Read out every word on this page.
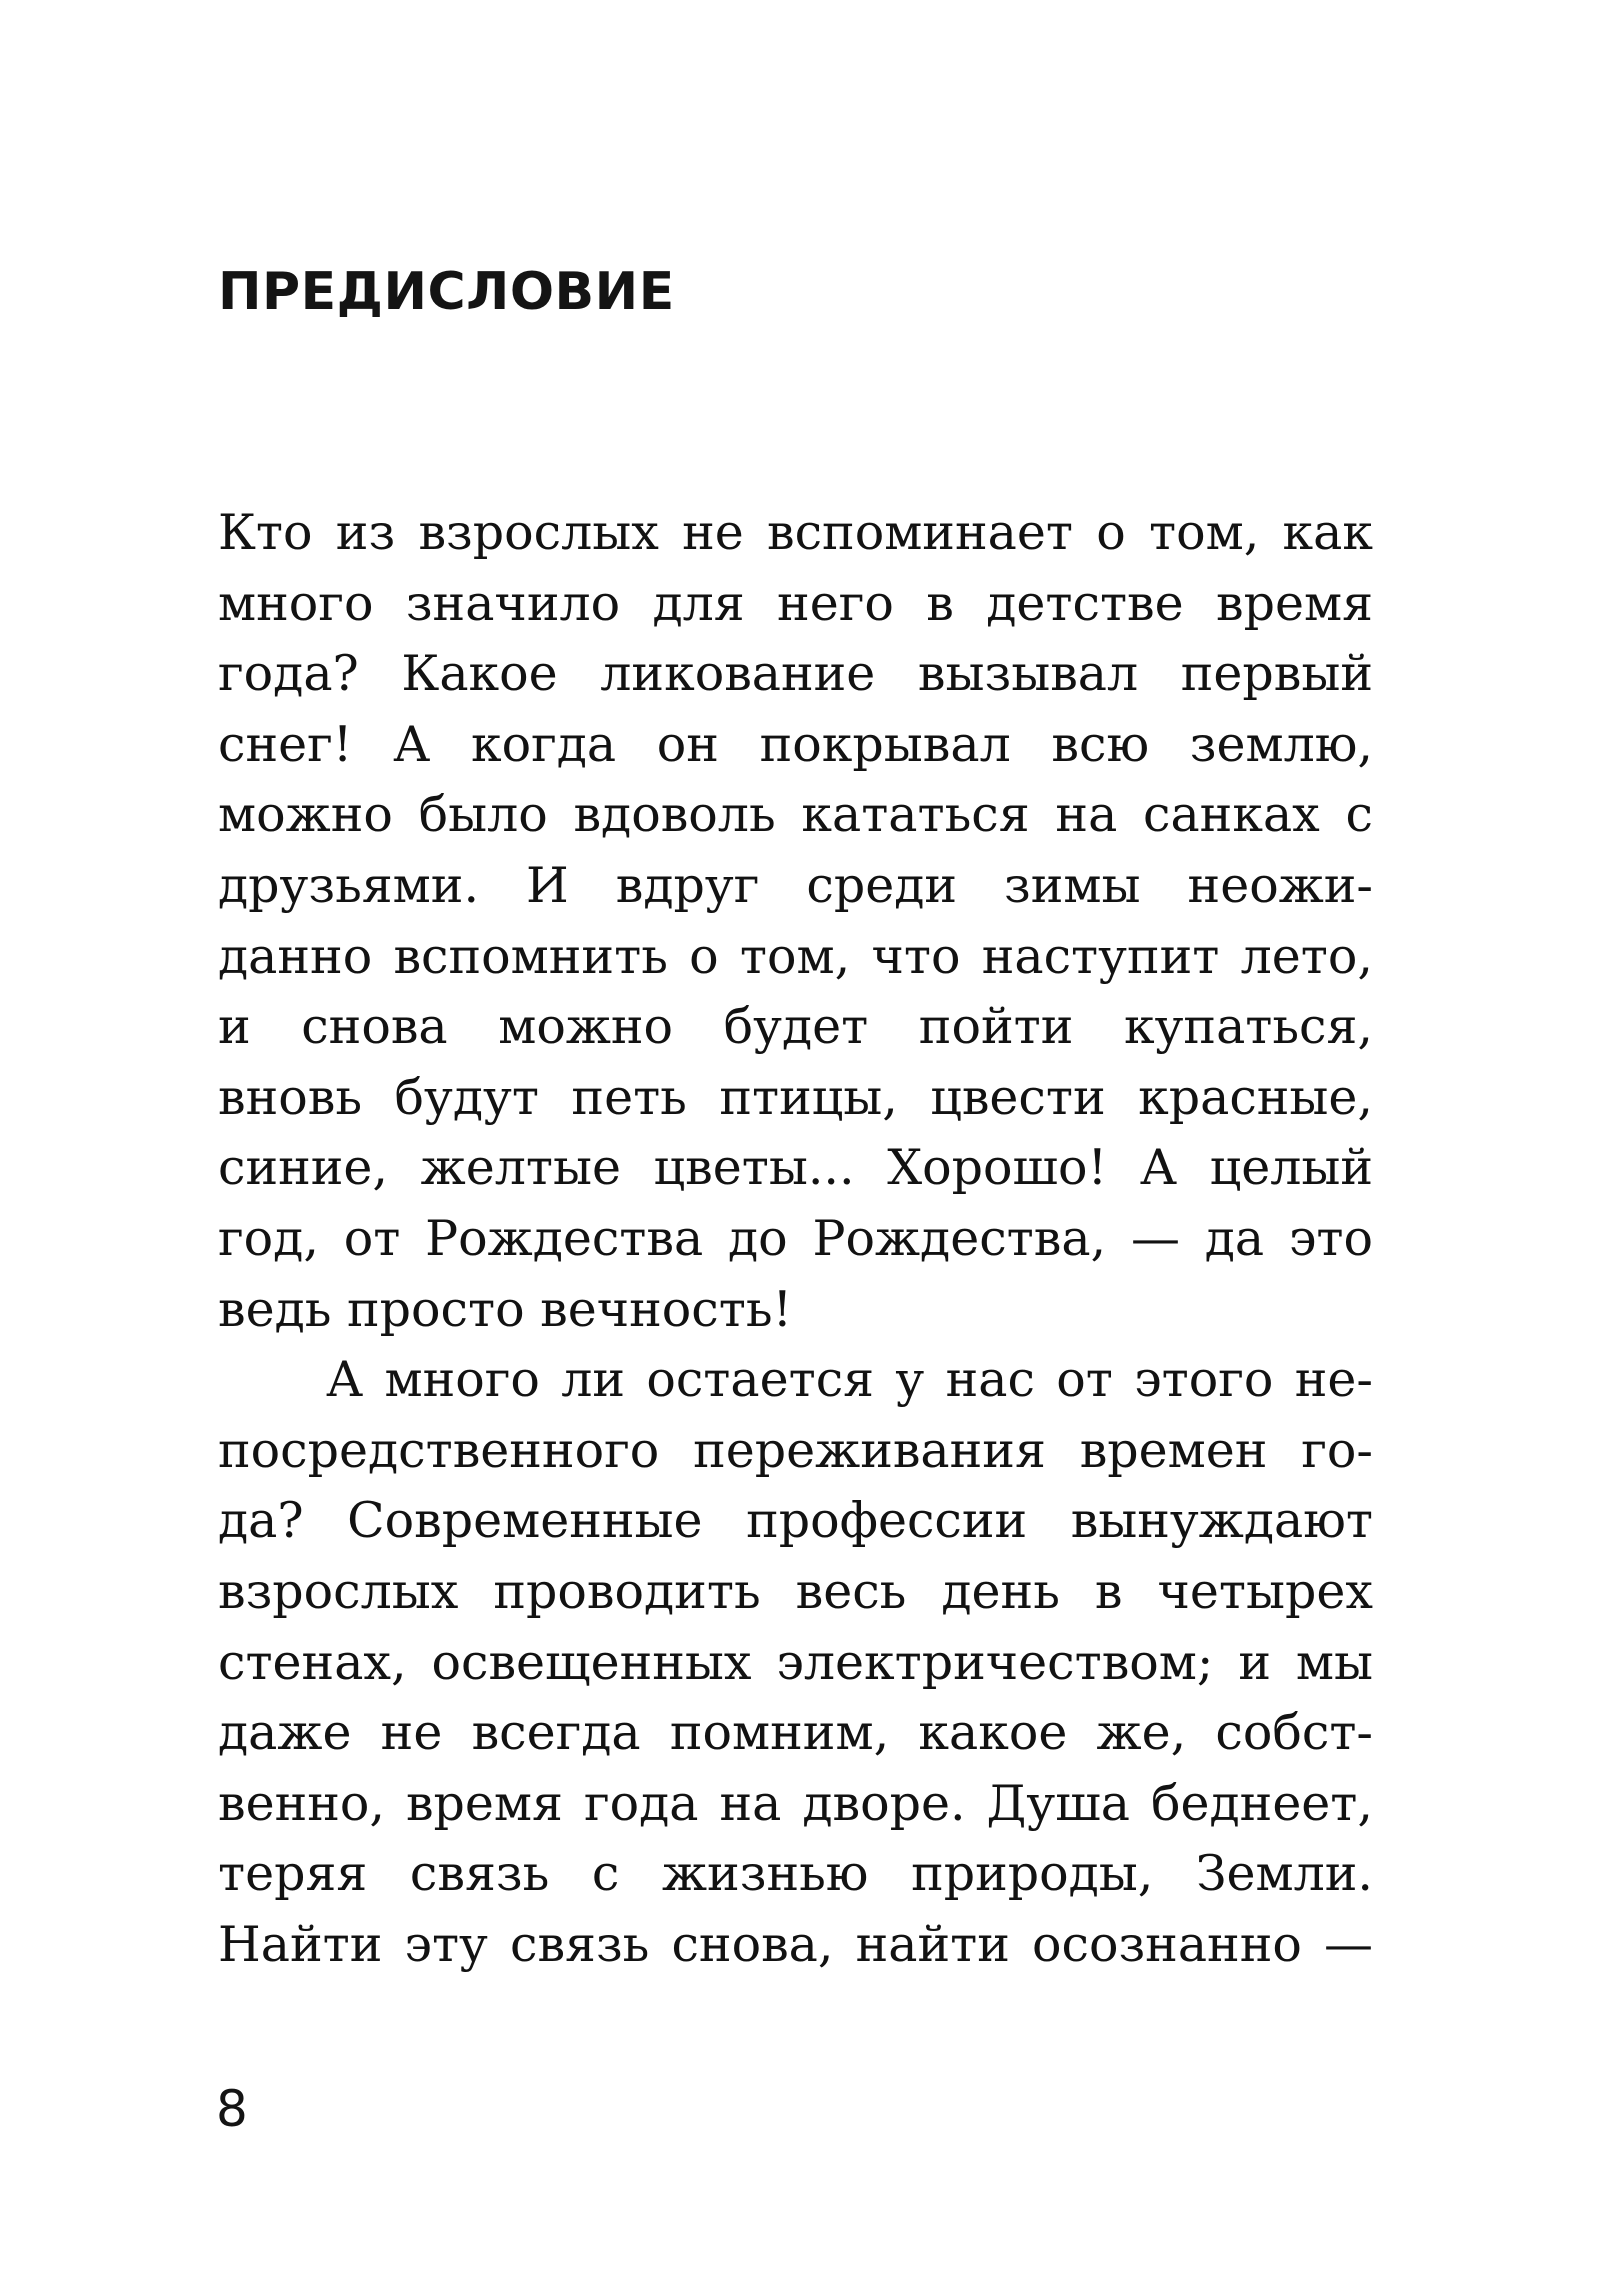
ПРЕДИСЛОВИЕ
Кто из взрослых не вспоминает о том, как
много значило для него в детстве время
года? Какое ликование вызывал первый
снег! А когда он покрывал всю землю,
можно было вдоволь кататься на санках с
друзьями. И вдруг среди зимы неожи-
данно вспомнить о том, что наступит лето,
и снова можно будет пойти купаться,
вновь будут петь птицы, цвести красные,
синие, желтые цветы... Хорошо! А целый
год, от Рождества до Рождества, — да это
ведь просто вечность!
А много ли остается у нас от этого не-
посредственного переживания времен го-
да? Современные профессии вынуждают
взрослых проводить весь день в четырех
стенах, освещенных электричеством; и мы
даже не всегда помним, какое же, собст-
венно, время года на дворе. Душа беднеет,
теряя связь с жизнью природы, Земли.
Найти эту связь снова, найти осознанно —
8
